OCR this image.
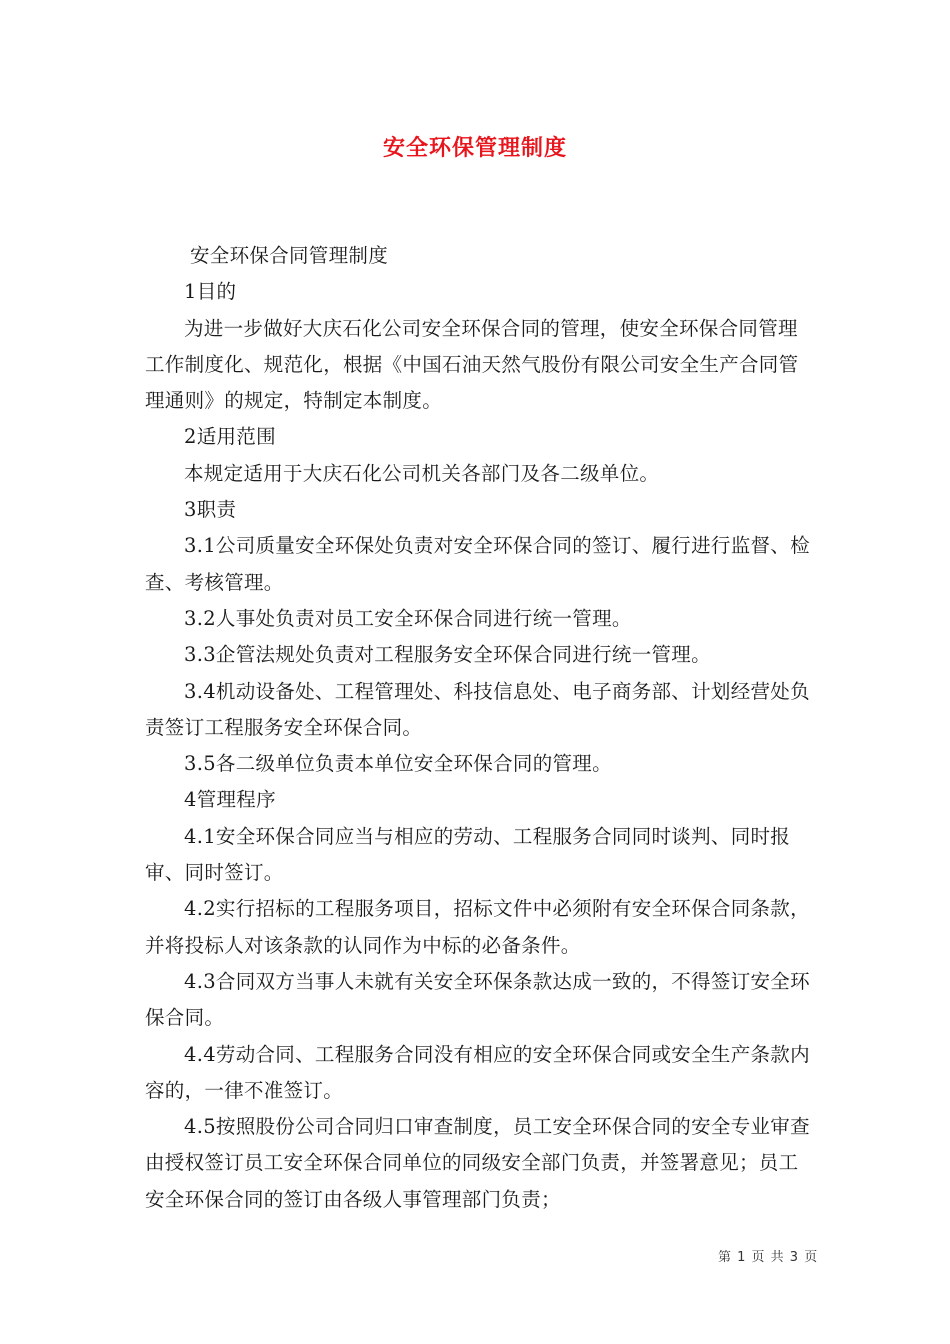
安全环保管理制度

安全环保合同管理制度

1目的

为进一步做好大庆石化公司安全环保合同的管理，使安全环保合同管理工作制度化、规范化，根据《中国石油天然气股份有限公司安全生产合同管理通则》的规定，特制定本制度。

2适用范围

本规定适用于大庆石化公司机关各部门及各二级单位。

3职责

3.1公司质量安全环保处负责对安全环保合同的签订、履行进行监督、检查、考核管理。

3.2人事处负责对员工安全环保合同进行统一管理。

3.3企管法规处负责对工程服务安全环保合同进行统一管理。

3.4机动设备处、工程管理处、科技信息处、电子商务部、计划经营处负责签订工程服务安全环保合同。

3.5各二级单位负责本单位安全环保合同的管理。

4管理程序

4.1安全环保合同应当与相应的劳动、工程服务合同同时谈判、同时报审、同时签订。

4.2实行招标的工程服务项目，招标文件中必须附有安全环保合同条款，并将投标人对该条款的认同作为中标的必备条件。

4.3合同双方当事人未就有关安全环保条款达成一致的，不得签订安全环保合同。

4.4劳动合同、工程服务合同没有相应的安全环保合同或安全生产条款内容的，一律不准签订。

4.5按照股份公司合同归口审查制度，员工安全环保合同的安全专业审查由授权签订员工安全环保合同单位的同级安全部门负责，并签署意见；员工安全环保合同的签订由各级人事管理部门负责；

第 1 页 共 3 页
